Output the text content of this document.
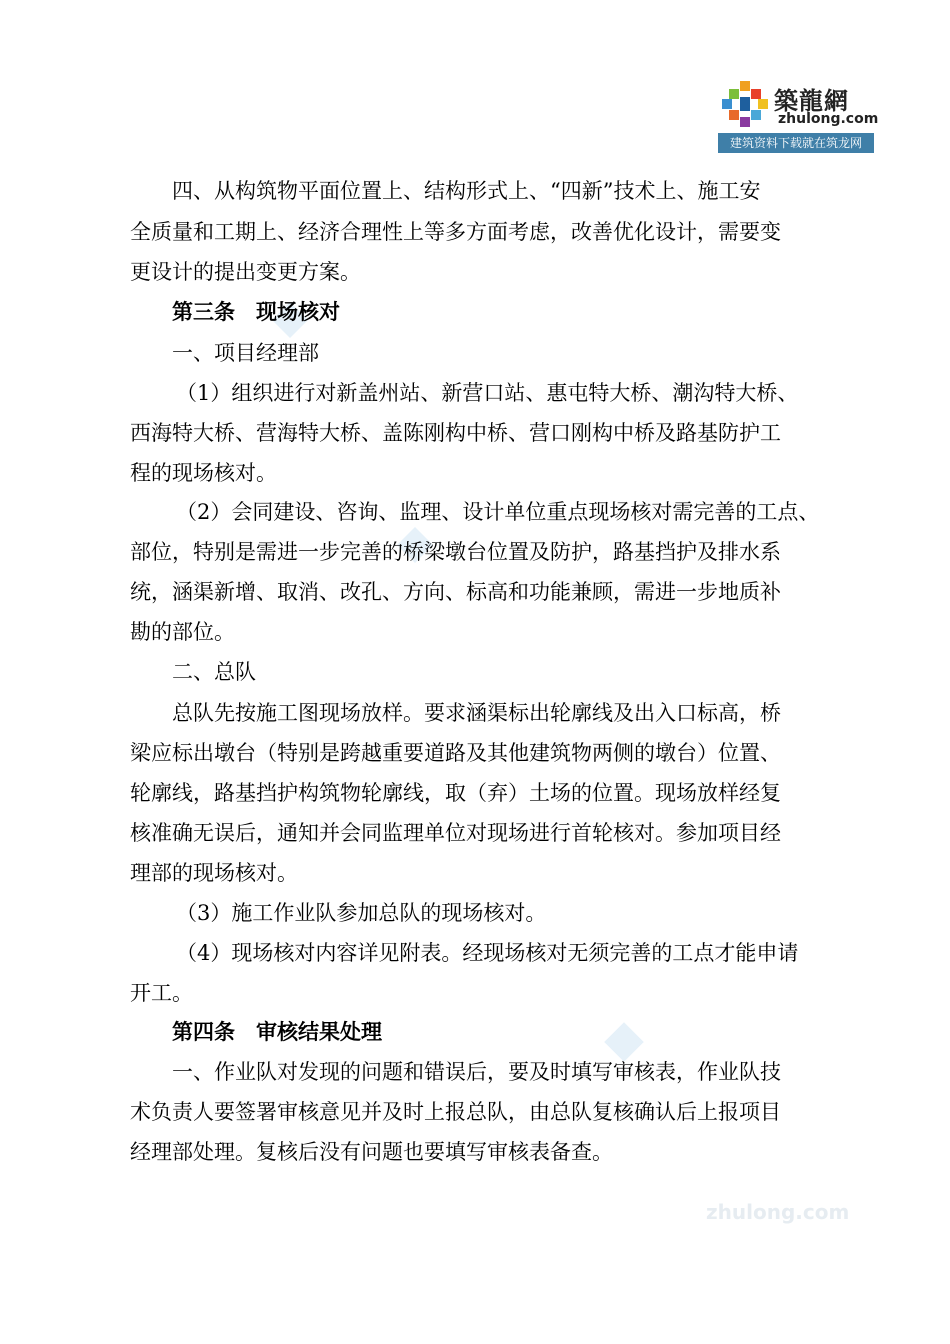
築龍網
zhulong.com
建筑资料下载就在筑龙网
zhulong.com
四、从构筑物平面位置上、结构形式上、“四新”技术上、施工安
全质量和工期上、经济合理性上等多方面考虑，改善优化设计，需要变
更设计的提出变更方案。
第三条　现场核对
一、项目经理部
（1）组织进行对新盖州站、新营口站、惠屯特大桥、潮沟特大桥、
西海特大桥、营海特大桥、盖陈刚构中桥、营口刚构中桥及路基防护工
程的现场核对。
（2）会同建设、咨询、监理、设计单位重点现场核对需完善的工点、
部位，特别是需进一步完善的桥梁墩台位置及防护，路基挡护及排水系
统，涵渠新增、取消、改孔、方向、标高和功能兼顾，需进一步地质补
勘的部位。
二、总队
总队先按施工图现场放样。要求涵渠标出轮廓线及出入口标高，桥
梁应标出墩台（特别是跨越重要道路及其他建筑物两侧的墩台）位置、
轮廓线，路基挡护构筑物轮廓线，取（弃）土场的位置。现场放样经复
核准确无误后，通知并会同监理单位对现场进行首轮核对。参加项目经
理部的现场核对。
（3）施工作业队参加总队的现场核对。
（4）现场核对内容详见附表。经现场核对无须完善的工点才能申请
开工。
第四条　审核结果处理
一、作业队对发现的问题和错误后，要及时填写审核表，作业队技
术负责人要签署审核意见并及时上报总队，由总队复核确认后上报项目
经理部处理。复核后没有问题也要填写审核表备查。
